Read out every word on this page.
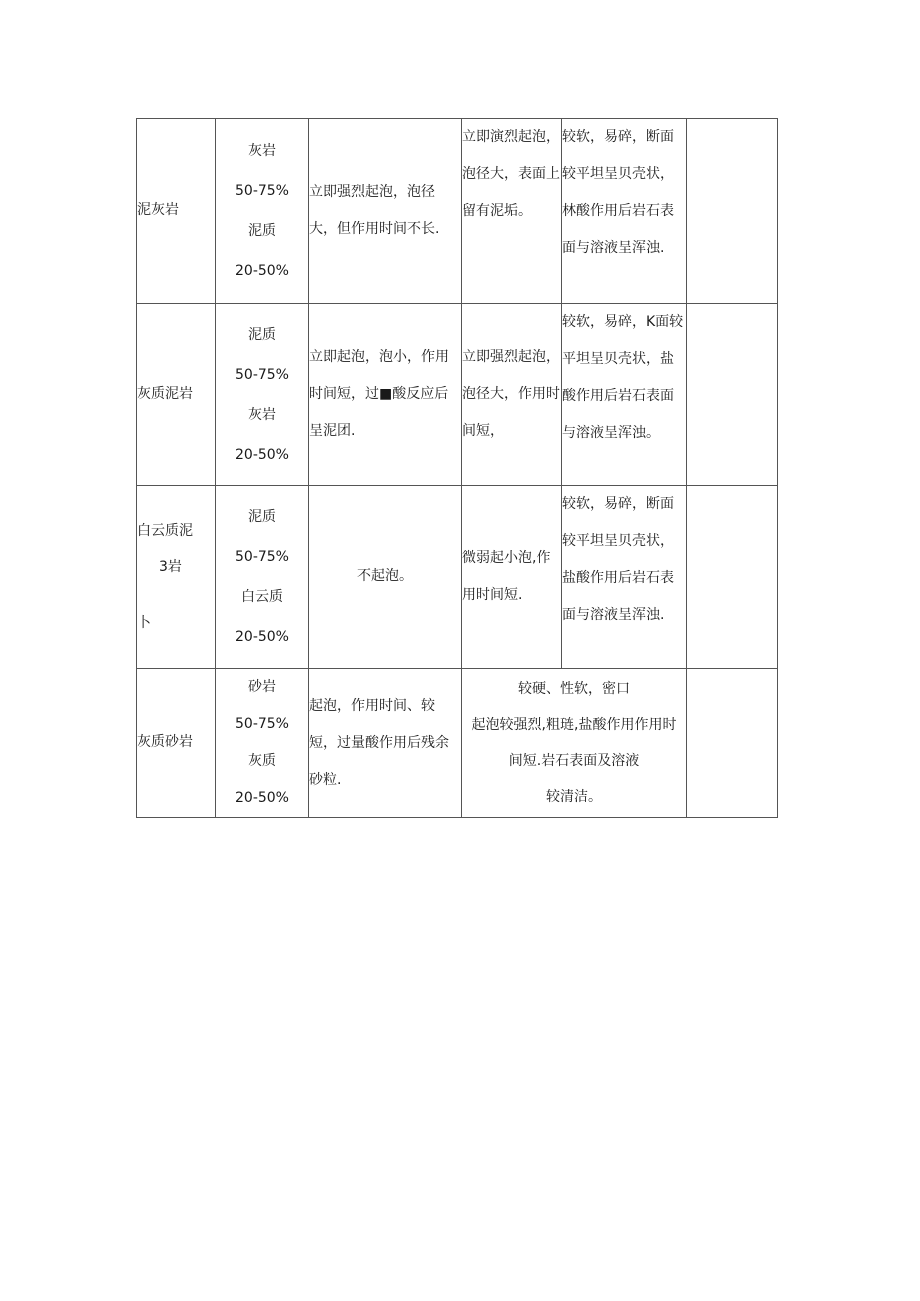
泥灰岩	灰岩
50-75%
泥质
20-50%	立即强烈起泡，泡径大，但作用时间不长.	立即演烈起泡，泡径大，表面上留有泥垢。	较软，易碎，断面较平坦呈贝壳状，林酸作用后岩石表面与溶液呈浑浊.	

灰质泥岩	泥质
50-75%
灰岩
20-50%	立即起泡，泡小，作用时间短，过■酸反应后呈泥团.	立即强烈起泡，泡径大，作用时间短，	较软，易碎，K面较平坦呈贝壳状，盐酸作用后岩石表面与溶液呈浑浊。	

白云质泥
3岩
卜	泥质
50-75%
白云质
20-50%	不起泡。	微弱起小泡,作用时间短.	较软，易碎，断面较平坦呈贝壳状，盐酸作用后岩石表面与溶液呈浑浊.	

灰质砂岩	砂岩
50-75%
灰质
20-50%	起泡，作用时间、较短，过量酸作用后残余砂粒.	较硬、性软，密口
起泡较强烈,粗琏,盐酸作用作用时
间短.岩石表面及溶液
较清洁。		
